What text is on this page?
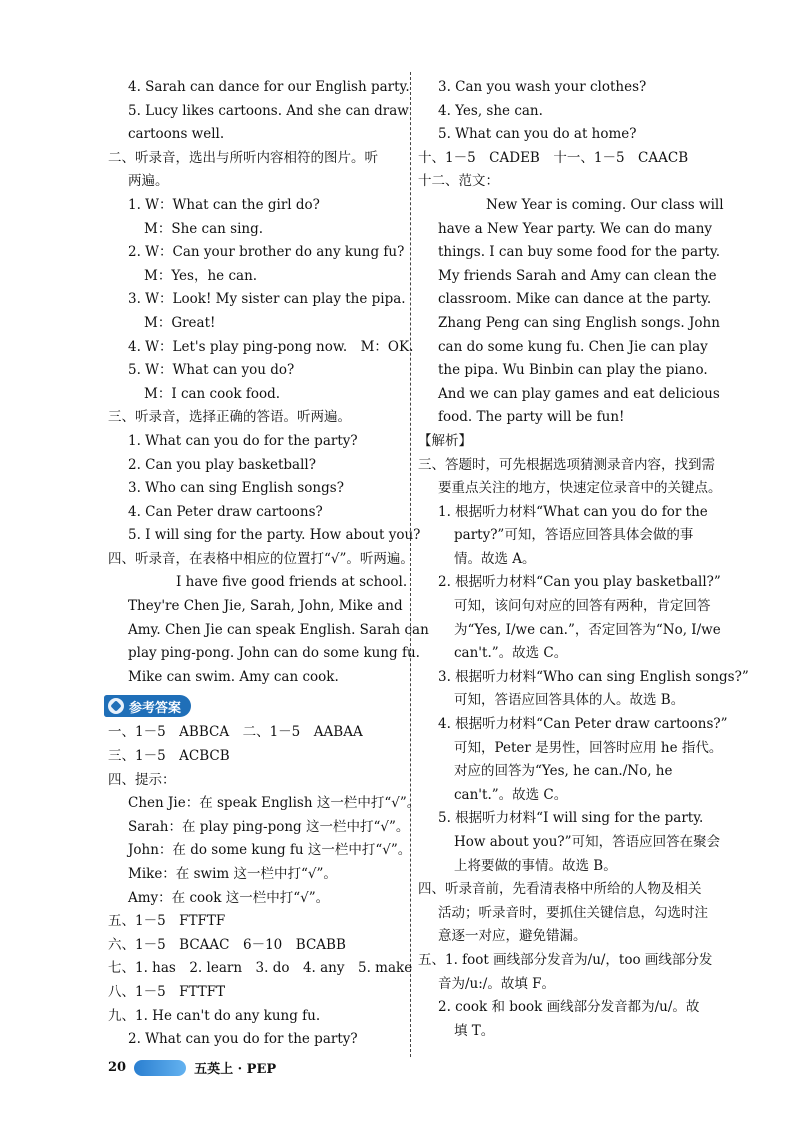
4. Sarah can dance for our English party.
5. Lucy likes cartoons. And she can draw
cartoons well.
二、听录音，选出与所听内容相符的图片。听
两遍。
1. W：What can the girl do?
M：She can sing.
2. W：Can your brother do any kung fu?
M：Yes，he can.
3. W：Look! My sister can play the pipa.
M：Great!
4. W：Let's play ping-pong now.　M：OK.
5. W：What can you do?
M：I can cook food.
三、听录音，选择正确的答语。听两遍。
1. What can you do for the party?
2. Can you play basketball?
3. Who can sing English songs?
4. Can Peter draw cartoons?
5. I will sing for the party. How about you?
四、听录音，在表格中相应的位置打“√”。听两遍。
I have five good friends at school.
They're Chen Jie, Sarah, John, Mike and
Amy. Chen Jie can speak English. Sarah can
play ping-pong. John can do some kung fu.
Mike can swim. Amy can cook.
参考答案
一、1－5　ABBCA　二、1－5　AABAA
三、1－5　ACBCB
四、提示：
Chen Jie：在 speak English 这一栏中打“√”。
Sarah：在 play ping-pong 这一栏中打“√”。
John：在 do some kung fu 这一栏中打“√”。
Mike：在 swim 这一栏中打“√”。
Amy：在 cook 这一栏中打“√”。
五、1－5　FTFTF
六、1－5　BCAAC　6－10　BCABB
七、1. has　2. learn　3. do　4. any　5. make
八、1－5　FTTFT
九、1. He can't do any kung fu.
2. What can you do for the party?
3. Can you wash your clothes?
4. Yes, she can.
5. What can you do at home?
十、1－5　CADEB　十一、1－5　CAACB
十二、范文：
New Year is coming. Our class will
have a New Year party. We can do many
things. I can buy some food for the party.
My friends Sarah and Amy can clean the
classroom. Mike can dance at the party.
Zhang Peng can sing English songs. John
can do some kung fu. Chen Jie can play
the pipa. Wu Binbin can play the piano.
And we can play games and eat delicious
food. The party will be fun!
【解析】
三、答题时，可先根据选项猜测录音内容，找到需
要重点关注的地方，快速定位录音中的关键点。
1. 根据听力材料“What can you do for the
party?”可知，答语应回答具体会做的事
情。故选 A。
2. 根据听力材料“Can you play basketball?”
可知，该问句对应的回答有两种，肯定回答
为“Yes, I/we can.”，否定回答为“No, I/we
can't.”。故选 C。
3. 根据听力材料“Who can sing English songs?”
可知，答语应回答具体的人。故选 B。
4. 根据听力材料“Can Peter draw cartoons?”
可知，Peter 是男性，回答时应用 he 指代。
对应的回答为“Yes, he can./No, he
can't.”。故选 C。
5. 根据听力材料“I will sing for the party.
How about you?”可知，答语应回答在聚会
上将要做的事情。故选 B。
四、听录音前，先看清表格中所给的人物及相关
活动；听录音时，要抓住关键信息，勾选时注
意逐一对应，避免错漏。
五、1. foot 画线部分发音为/u/，too 画线部分发
音为/u:/。故填 F。
2. cook 和 book 画线部分发音都为/u/。故
填 T。
20	五英上 · PEP
